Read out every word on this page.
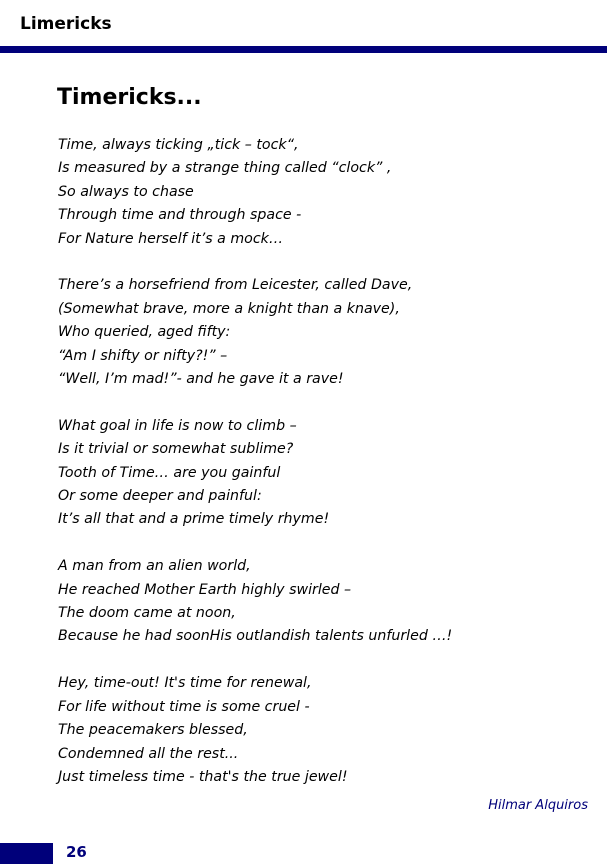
Limericks
Timericks...
Time, always ticking „tick – tock“,
Is measured by a strange thing called “clock” ,
So always to chase
Through time and through space -
For Nature herself it’s a mock…
There’s a horsefriend from Leicester, called Dave,
(Somewhat brave, more a knight than a knave),
Who queried, aged fifty:
“Am I shifty or nifty?!” –
“Well, I’m mad!”- and he gave it a rave!
What goal in life is now to climb –
Is it trivial or somewhat sublime?
Tooth of Time… are you gainful
Or some deeper and painful:
It’s all that and a prime timely rhyme!
A man from an alien world,
He reached Mother Earth highly swirled –
The doom came at noon,
Because he had soonHis outlandish talents unfurled …!
Hey, time-out! It's time for renewal,
For life without time is some cruel -
The peacemakers blessed,
Condemned all the rest...
Just timeless time - that's the true jewel!
Hilmar Alquiros
26
